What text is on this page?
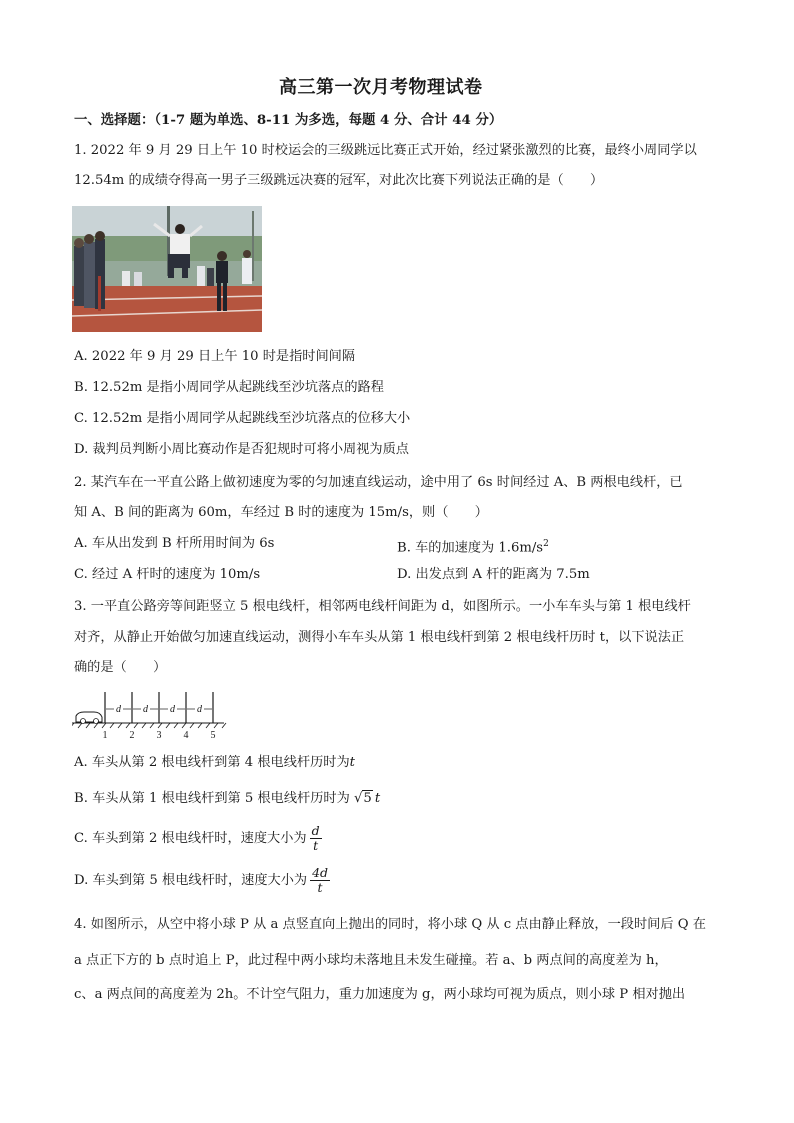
高三第一次月考物理试卷
一、选择题：（1-7 题为单选、8-11 为多选，每题 4 分、合计 44 分）
1. 2022 年 9 月 29 日上午 10 时校运会的三级跳远比赛正式开始，经过紧张激烈的比赛，最终小周同学以
12.54m 的成绩夺得高一男子三级跳远决赛的冠军，对此次比赛下列说法正确的是（　　）
A. 2022 年 9 月 29 日上午 10 时是指时间间隔
B. 12.52m 是指小周同学从起跳线至沙坑落点的路程
C. 12.52m 是指小周同学从起跳线至沙坑落点的位移大小
D. 裁判员判断小周比赛动作是否犯规时可将小周视为质点
2. 某汽车在一平直公路上做初速度为零的匀加速直线运动，途中用了 6s 时间经过 A、B 两根电线杆，已
知 A、B 间的距离为 60m，车经过 B 时的速度为 15m/s，则（　　）
A. 车从出发到 B 杆所用时间为 6s	B. 车的加速度为 $1.6m/s^2$
C. 经过 A 杆时的速度为 10m/s	D. 出发点到 A 杆的距离为 7.5m
3. 一平直公路旁等间距竖立 5 根电线杆，相邻两电线杆间距为 d，如图所示。一小车车头与第 1 根电线杆
对齐，从静止开始做匀加速直线运动，测得小车车头从第 1 根电线杆到第 2 根电线杆历时 t，以下说法正
确的是（　　）
d d d d
1 2 3 4 5
A. 车头从第 2 根电线杆到第 4 根电线杆历时为t
B. 车头从第 1 根电线杆到第 5 根电线杆历时为 √5 t
C. 车头到第 2 根电线杆时，速度大小为 $\frac{d}{t}$
D. 车头到第 5 根电线杆时，速度大小为 $\frac{4d}{t}$
4. 如图所示，从空中将小球 P 从 a 点竖直向上抛出的同时，将小球 Q 从 c 点由静止释放，一段时间后 Q 在
a 点正下方的 b 点时追上 P，此过程中两小球均未落地且未发生碰撞。若 a、b 两点间的高度差为 h，
c、a 两点间的高度差为 2h。不计空气阻力，重力加速度为 g，两小球均可视为质点，则小球 P 相对抛出
